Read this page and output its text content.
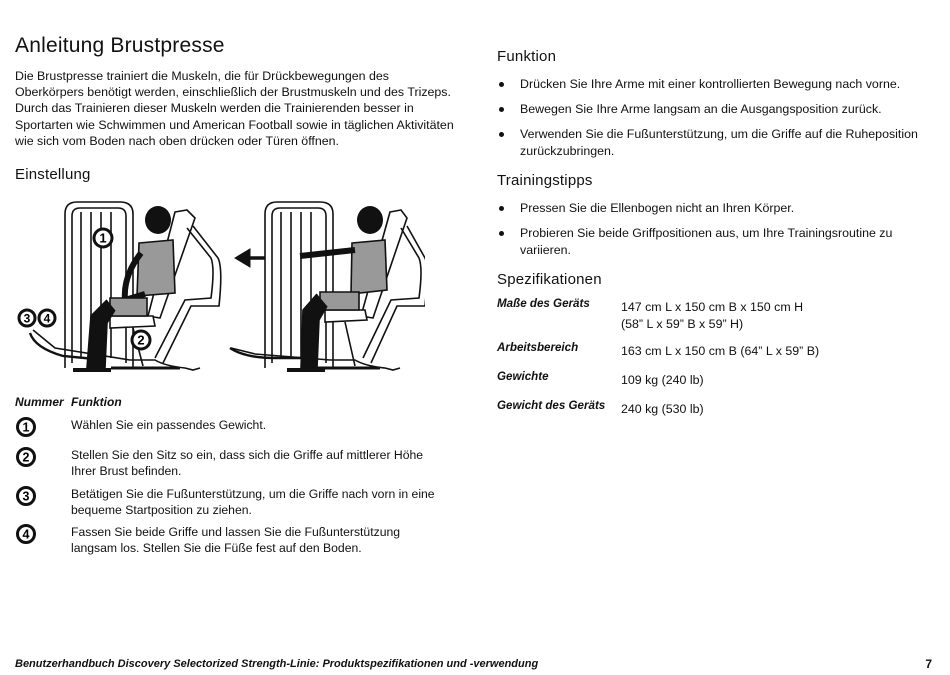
Anleitung Brustpresse

Die Brustpresse trainiert die Muskeln, die für Drückbewegungen des Oberkörpers benötigt werden, einschließlich der Brustmuskeln und des Trizeps. Durch das Trainieren dieser Muskeln werden die Trainierenden besser in Sportarten wie Schwimmen und American Football sowie in täglichen Aktivitäten wie sich vom Boden nach oben drücken oder Türen öffnen.

Einstellung
1
2
3 4
Nummer Funktion
1	Wählen Sie ein passendes Gewicht.
2	Stellen Sie den Sitz so ein, dass sich die Griffe auf mittlerer Höhe Ihrer Brust befinden.
3	Betätigen Sie die Fußunterstützung, um die Griffe nach vorn in eine bequeme Startposition zu ziehen.
4	Fassen Sie beide Griffe und lassen Sie die Fußunterstützung langsam los. Stellen Sie die Füße fest auf den Boden.
Funktion
Drücken Sie Ihre Arme mit einer kontrollierten Bewegung nach vorne.
Bewegen Sie Ihre Arme langsam an die Ausgangsposition zurück.
Verwenden Sie die Fußunterstützung, um die Griffe auf die Ruheposition zurückzubringen.
Trainingstipps
Pressen Sie die Ellenbogen nicht an Ihren Körper.
Probieren Sie beide Griffpositionen aus, um Ihre Trainingsroutine zu variieren.
Spezifikationen
Maße des Geräts	147 cm L x 150 cm B x 150 cm H
(58” L x 59” B x 59” H)
Arbeitsbereich	163 cm L x 150 cm B (64” L x 59” B)
Gewichte	109 kg (240 lb)
Gewicht des Geräts 240 kg (530 lb)
Benutzerhandbuch Discovery Selectorized Strength-Linie: Produktspezifikationen und -verwendung	7
